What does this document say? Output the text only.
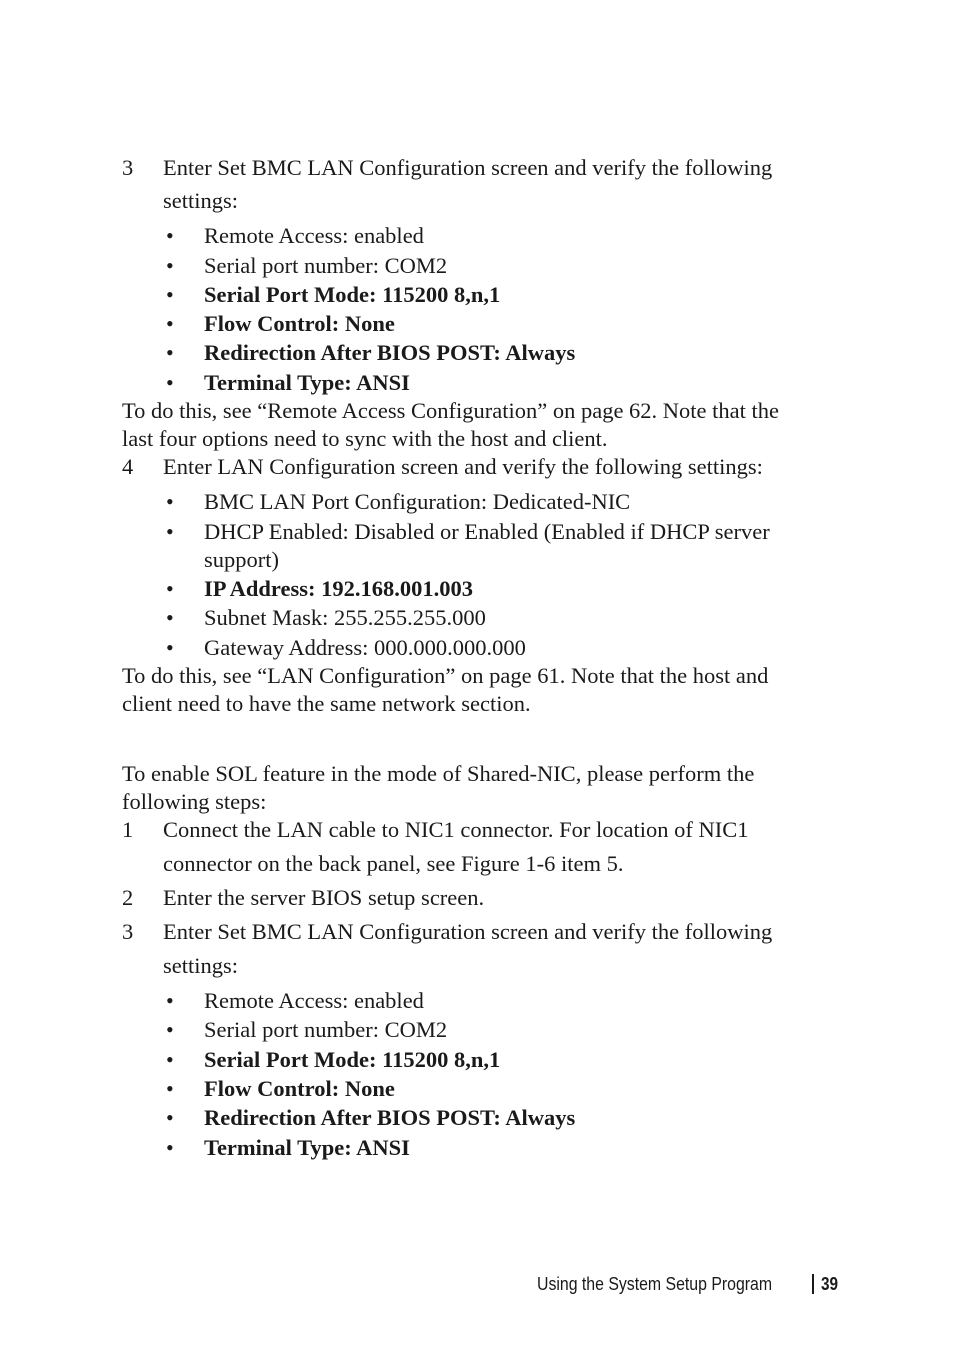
3 Enter Set BMC LAN Configuration screen and verify the following
settings:
• Remote Access: enabled
• Serial port number: COM2
• Serial Port Mode: 115200 8,n,1
• Flow Control: None
• Redirection After BIOS POST: Always
• Terminal Type: ANSI
To do this, see “Remote Access Configuration” on page 62. Note that the
last four options need to sync with the host and client.
4 Enter LAN Configuration screen and verify the following settings:
• BMC LAN Port Configuration: Dedicated-NIC
• DHCP Enabled: Disabled or Enabled (Enabled if DHCP server
support)
• IP Address: 192.168.001.003
• Subnet Mask: 255.255.255.000
• Gateway Address: 000.000.000.000
To do this, see “LAN Configuration” on page 61. Note that the host and
client need to have the same network section.
To enable SOL feature in the mode of Shared-NIC, please perform the
following steps:
1 Connect the LAN cable to NIC1 connector. For location of NIC1
connector on the back panel, see Figure 1-6 item 5.
2 Enter the server BIOS setup screen.
3 Enter Set BMC LAN Configuration screen and verify the following
settings:
• Remote Access: enabled
• Serial port number: COM2
• Serial Port Mode: 115200 8,n,1
• Flow Control: None
• Redirection After BIOS POST: Always
• Terminal Type: ANSI
Using the System Setup Program	39
